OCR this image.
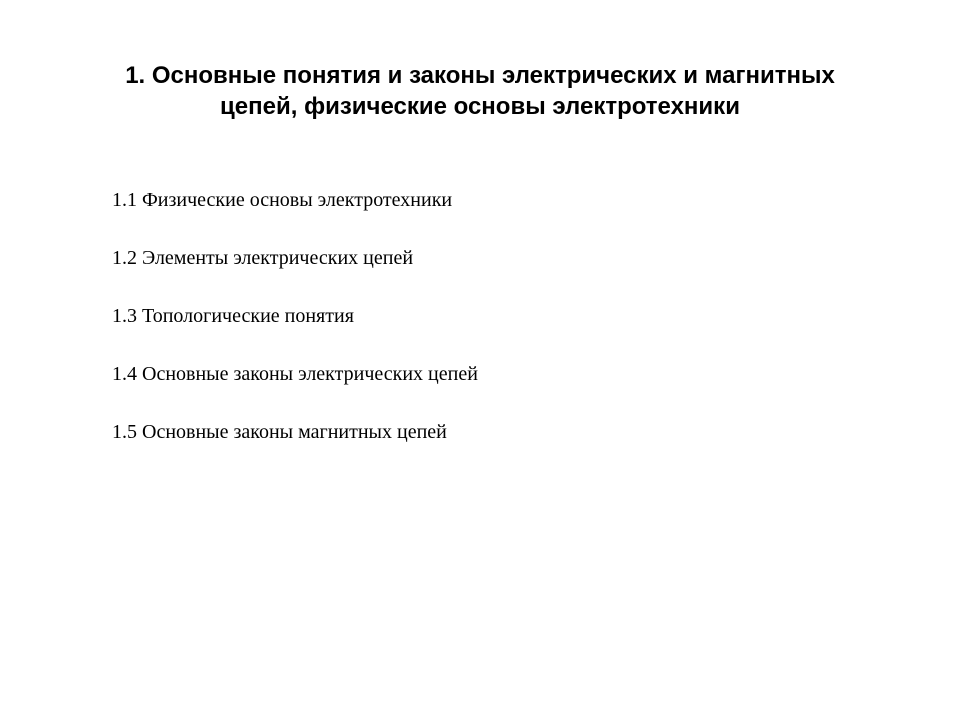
1. Основные понятия и законы электрических и магнитных
цепей, физические основы электротехники
1.1 Физические основы электротехники
1.2 Элементы электрических цепей
1.3 Топологические понятия
1.4 Основные законы электрических цепей
1.5 Основные законы магнитных цепей
